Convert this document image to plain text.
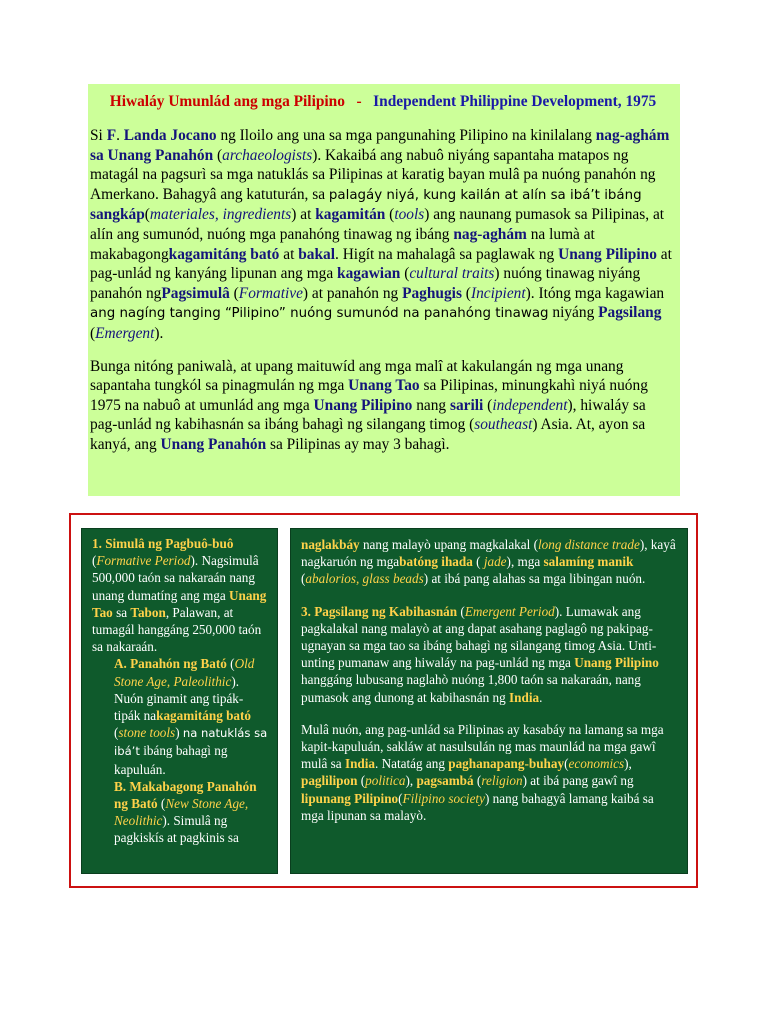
Hiwaláy Umunlád ang mga Pilipino - Independent Philippine Development, 1975

Si F. Landa Jocano ng Iloilo ang una sa mga pangunahing Pilipino na kinilalang nag-aghám sa Unang Panahón (archaeologists). Kakaibá ang nabuô niyáng sapantaha matapos ng matagál na pagsurì sa mga natuklás sa Pilipinas at karatig bayan mulâ pa nuóng panahón ng Amerkano. Bahagyâ ang katuturán, sa palagáy niyá, kung kailán at alín sa ibá’t ibáng sangkáp(materiales, ingredients) at kagamitán (tools) ang naunang pumasok sa Pilipinas, at alín ang sumunód, nuóng mga panahóng tinawag ng ibáng nag-aghám na lumà at makabagongkagamitáng bató at bakal. Higít na mahalagâ sa paglawak ng Unang Pilipino at pag-unlád ng kanyáng lipunan ang mga kagawian (cultural traits) nuóng tinawag niyáng panahón ngPagsimulâ (Formative) at panahón ng Paghugis (Incipient). Itóng mga kagawian ang nagíng tanging “Pilipino” nuóng sumunód na panahóng tinawag niyáng Pagsilang (Emergent).

Bunga nitóng paniwalà, at upang maituwíd ang mga malî at kakulangán ng mga unang sapantaha tungkól sa pinagmulán ng mga Unang Tao sa Pilipinas, minungkahì niyá nuóng 1975 na nabuô at umunlád ang mga Unang Pilipino nang sarili (independent), hiwaláy sa pag-unlád ng kabihasnán sa ibáng bahagì ng silangang timog (southeast) Asia. At, ayon sa kanyá, ang Unang Panahón sa Pilipinas ay may 3 bahagì.

1. Simulâ ng Pagbuô-buô (Formative Period). Nagsimulâ 500,000 taón sa nakaraán nang unang dumatíng ang mga Unang Tao sa Tabon, Palawan, at tumagál hanggáng 250,000 taón sa nakaraán.

A. Panahón ng Bató (Old Stone Age, Paleolithic). Nuón ginamit ang tipák-tipák nakagamitáng bató (stone tools) na natuklás sa ibá’t ibáng bahagì ng kapuluán.

B. Makabagong Panahón ng Bató (New Stone Age, Neolithic). Simulâ ng pagkiskís at pagkinis sa

naglakbáy nang malayò upang magkalakal (long distance trade), kayâ nagkaruón ng mgabatóng ihada ( jade), mga salamíng manik (abalorios, glass beads) at ibá pang alahas sa mga libingan nuón.

3. Pagsilang ng Kabihasnán (Emergent Period). Lumawak ang pagkalakal nang malayò at ang dapat asahang paglagô ng pakipag-ugnayan sa mga tao sa ibáng bahagì ng silangang timog Asia. Unti-unting pumanaw ang hiwaláy na pag-unlád ng mga Unang Pilipino hanggáng lubusang naglahò nuóng 1,800 taón sa nakaraán, nang pumasok ang dunong at kabihasnán ng India.

Mulâ nuón, ang pag-unlád sa Pilipinas ay kasabáy na lamang sa mga kapit-kapuluán, sakláw at nasulsulán ng mas maunlád na mga gawî mulâ sa India. Natatág ang paghanapang-buhay(economics), paglilipon (politica), pagsambá (religion) at ibá pang gawî ng lipunang Pilipino(Filipino society) nang bahagyâ lamang kaibá sa mga lipunan sa malayò.
